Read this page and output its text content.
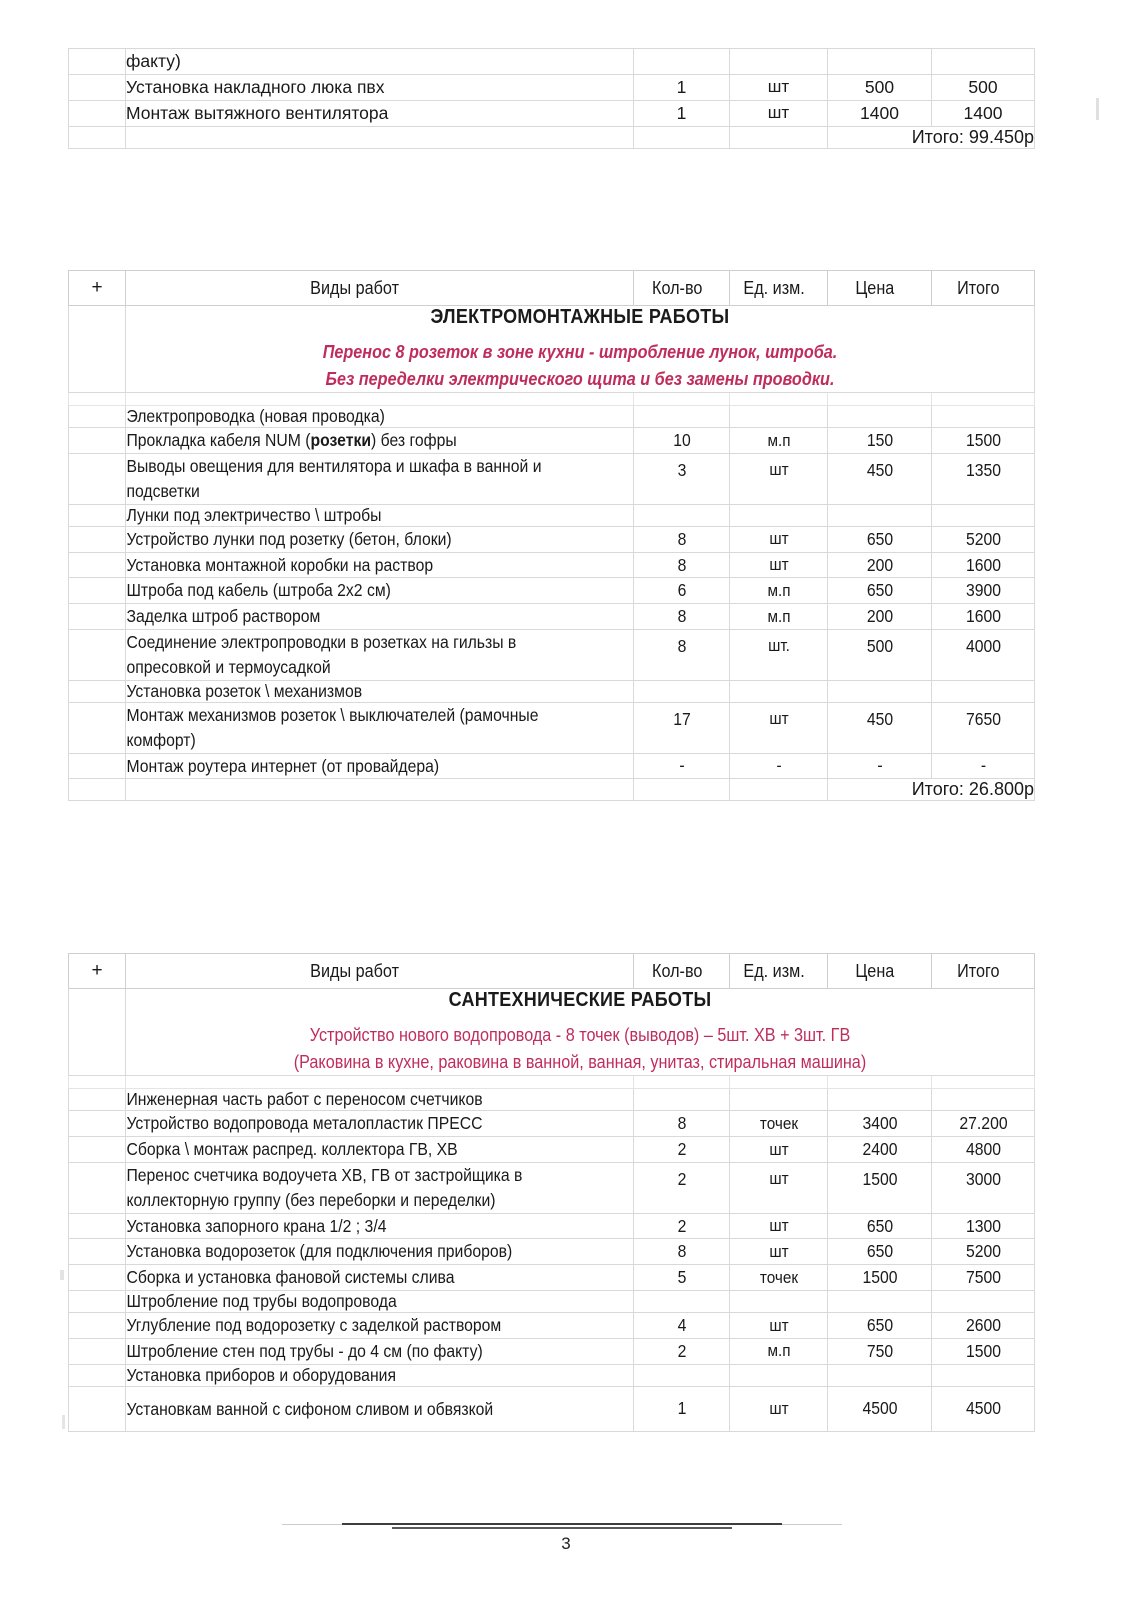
	факту)				
	Установка накладного люка пвх	1	шт	500	500
	Монтаж вытяжного вентилятора	1	шт	1400	1400
				Итого: 99.450р	
+	Виды работ	Кол-во	Ед. изм.	Цена	Итого

	ЭЛЕКТРОМОНТАЖНЫЕ РАБОТЫ
Перенос 8 розеток в зоне кухни - штробление лунок, штроба.
Без переделки электрического щита и без замены проводки.				

	Электропроводка (новая проводка)				
	Прокладка кабеля NUM (розетки) без гофры	10	м.п	150	1500
	Выводы овещения для вентилятора и шкафа в ванной и подсветки	3	шт	450	1350
	Лунки под электричество \ штробы				
	Устройство лунки под розетку (бетон, блоки)	8	шт	650	5200
	Установка монтажной коробки на раствор	8	шт	200	1600
	Штроба под кабель (штроба 2х2 см)	6	м.п	650	3900
	Заделка штроб раствором	8	м.п	200	1600
	Соединение электропроводки в розетках на гильзы в опресовкой и термоусадкой	8	шт.	500	4000
	Установка розеток \ механизмов				
	Монтаж механизмов розеток \ выключателей (рамочные комфорт)	17	шт	450	7650
	Монтаж роутера интернет (от провайдера)	-	-	-	-
				Итого: 26.800р	
+	Виды работ	Кол-во	Ед. изм.	Цена	Итого

	САНТЕХНИЧЕСКИЕ РАБОТЫ
Устройство нового водопровода - 8 точек (выводов) – 5шт. ХВ + 3шт. ГВ
(Раковина в кухне, раковина в ванной, ванная, унитаз, стиральная машина)				

	Инженерная часть работ с переносом счетчиков				
	Устройство водопровода металопластик ПРЕСС	8	точек	3400	27.200
	Сборка \ монтаж распред. коллектора ГВ, ХВ	2	шт	2400	4800
	Перенос счетчика водоучета ХВ, ГВ от застройщика в коллекторную группу (без переборки и переделки)	2	шт	1500	3000
	Установка запорного крана 1/2 ; 3/4	2	шт	650	1300
	Установка водорозеток (для подключения приборов)	8	шт	650	5200
	Сборка и установка фановой системы слива	5	точек	1500	7500
	Штробление под трубы водопровода				
	Углубление под водорозетку с заделкой раствором	4	шт	650	2600
	Штробление стен под трубы - до 4 см (по факту)	2	м.п	750	1500
	Установка приборов и оборудования				
	Установкам ванной с сифоном сливом и обвязкой	1	шт	4500	4500
3
